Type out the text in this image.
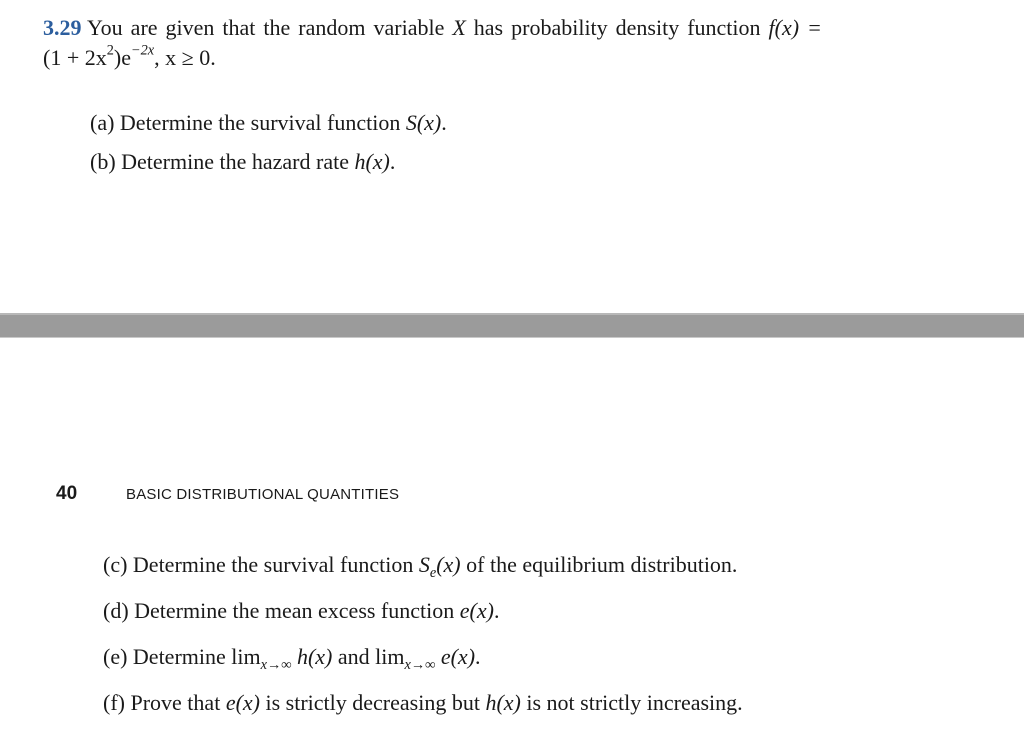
3.29 You are given that the random variable X has probability density function f(x) =
$(1 + 2x^2)e^{-2x}$, x ≥ 0.
(a) Determine the survival function S(x).
(b) Determine the hazard rate h(x).
40	BASIC DISTRIBUTIONAL QUANTITIES
(c) Determine the survival function $S_e(x)$ of the equilibrium distribution.
(d) Determine the mean excess function e(x).
(e) Determine $\lim_{x\to\infty} h(x)$ and $\lim_{x\to\infty} e(x)$.
(f) Prove that e(x) is strictly decreasing but h(x) is not strictly increasing.
